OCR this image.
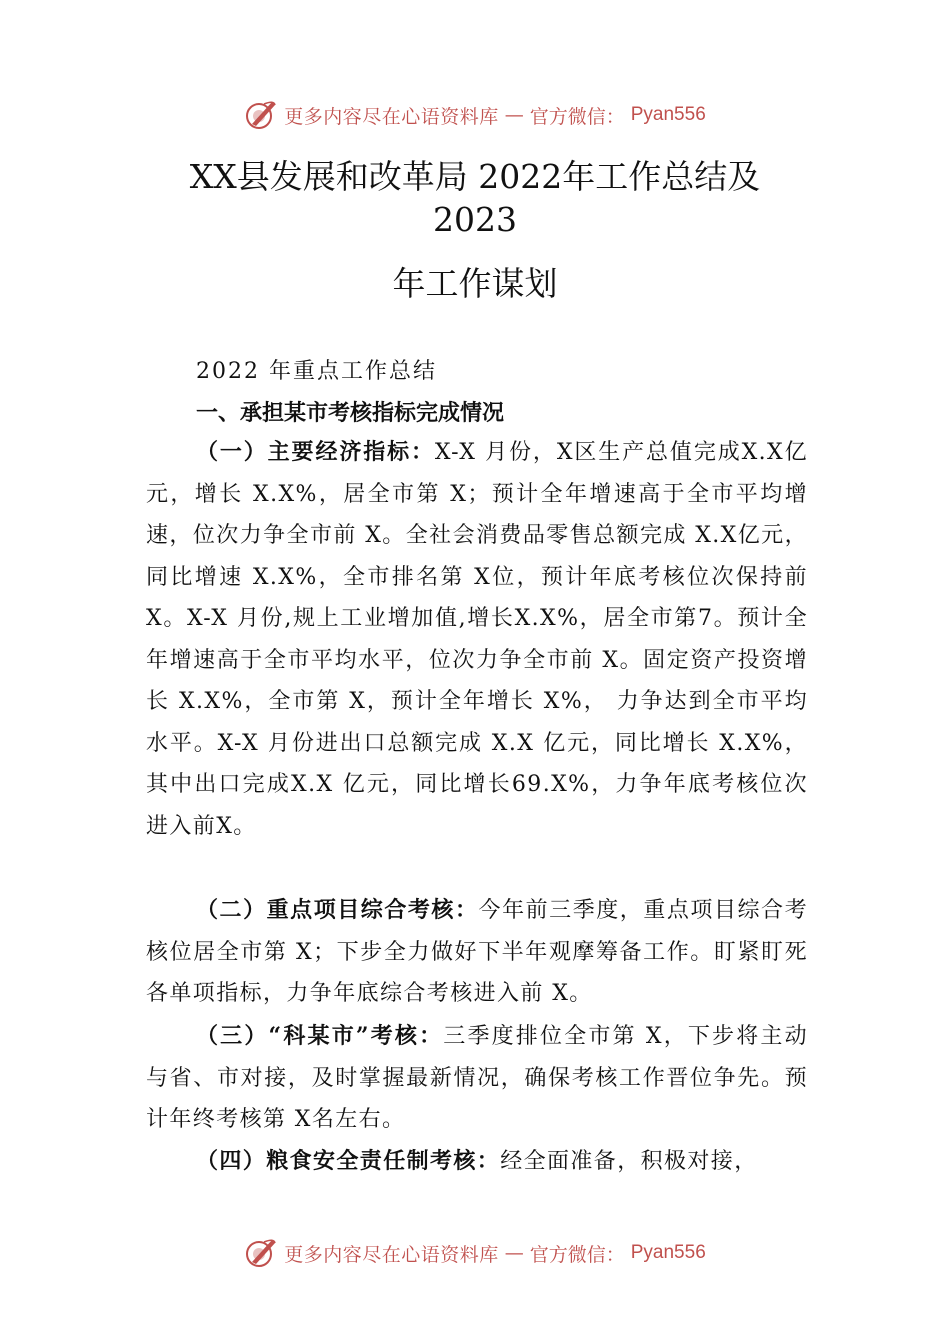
更多内容尽在心语资料库 — 官方微信： Pyan556
XX县发展和改革局 2022年工作总结及
2023
年工作谋划
2022 年重点工作总结
一、承担某市考核指标完成情况
（一）主要经济指标：X-X 月份，X区生产总值完成X.X亿元，增长 X.X%，居全市第 X；预计全年增速高于全市平均增速，位次力争全市前 X。全社会消费品零售总额完成 X.X亿元，同比增速 X.X%，全市排名第 X位，预计年底考核位次保持前 X。X-X 月份,规上工业增加值,增长X.X%，居全市第7。预计全年增速高于全市平均水平，位次力争全市前 X。固定资产投资增长 X.X%，全市第 X，预计全年增长 X%， 力争达到全市平均水平。X-X 月份进出口总额完成 X.X 亿元，同比增长 X.X%，其中出口完成X.X 亿元，同比增长69.X%，力争年底考核位次进入前X。
（二）重点项目综合考核：今年前三季度，重点项目综合考核位居全市第 X；下步全力做好下半年观摩筹备工作。盯紧盯死各单项指标，力争年底综合考核进入前 X。
（三）“科某市”考核：三季度排位全市第 X，下步将主动与省、市对接，及时掌握最新情况，确保考核工作晋位争先。预计年终考核第 X名左右。
（四）粮食安全责任制考核：经全面准备，积极对接，
更多内容尽在心语资料库 — 官方微信： Pyan556
